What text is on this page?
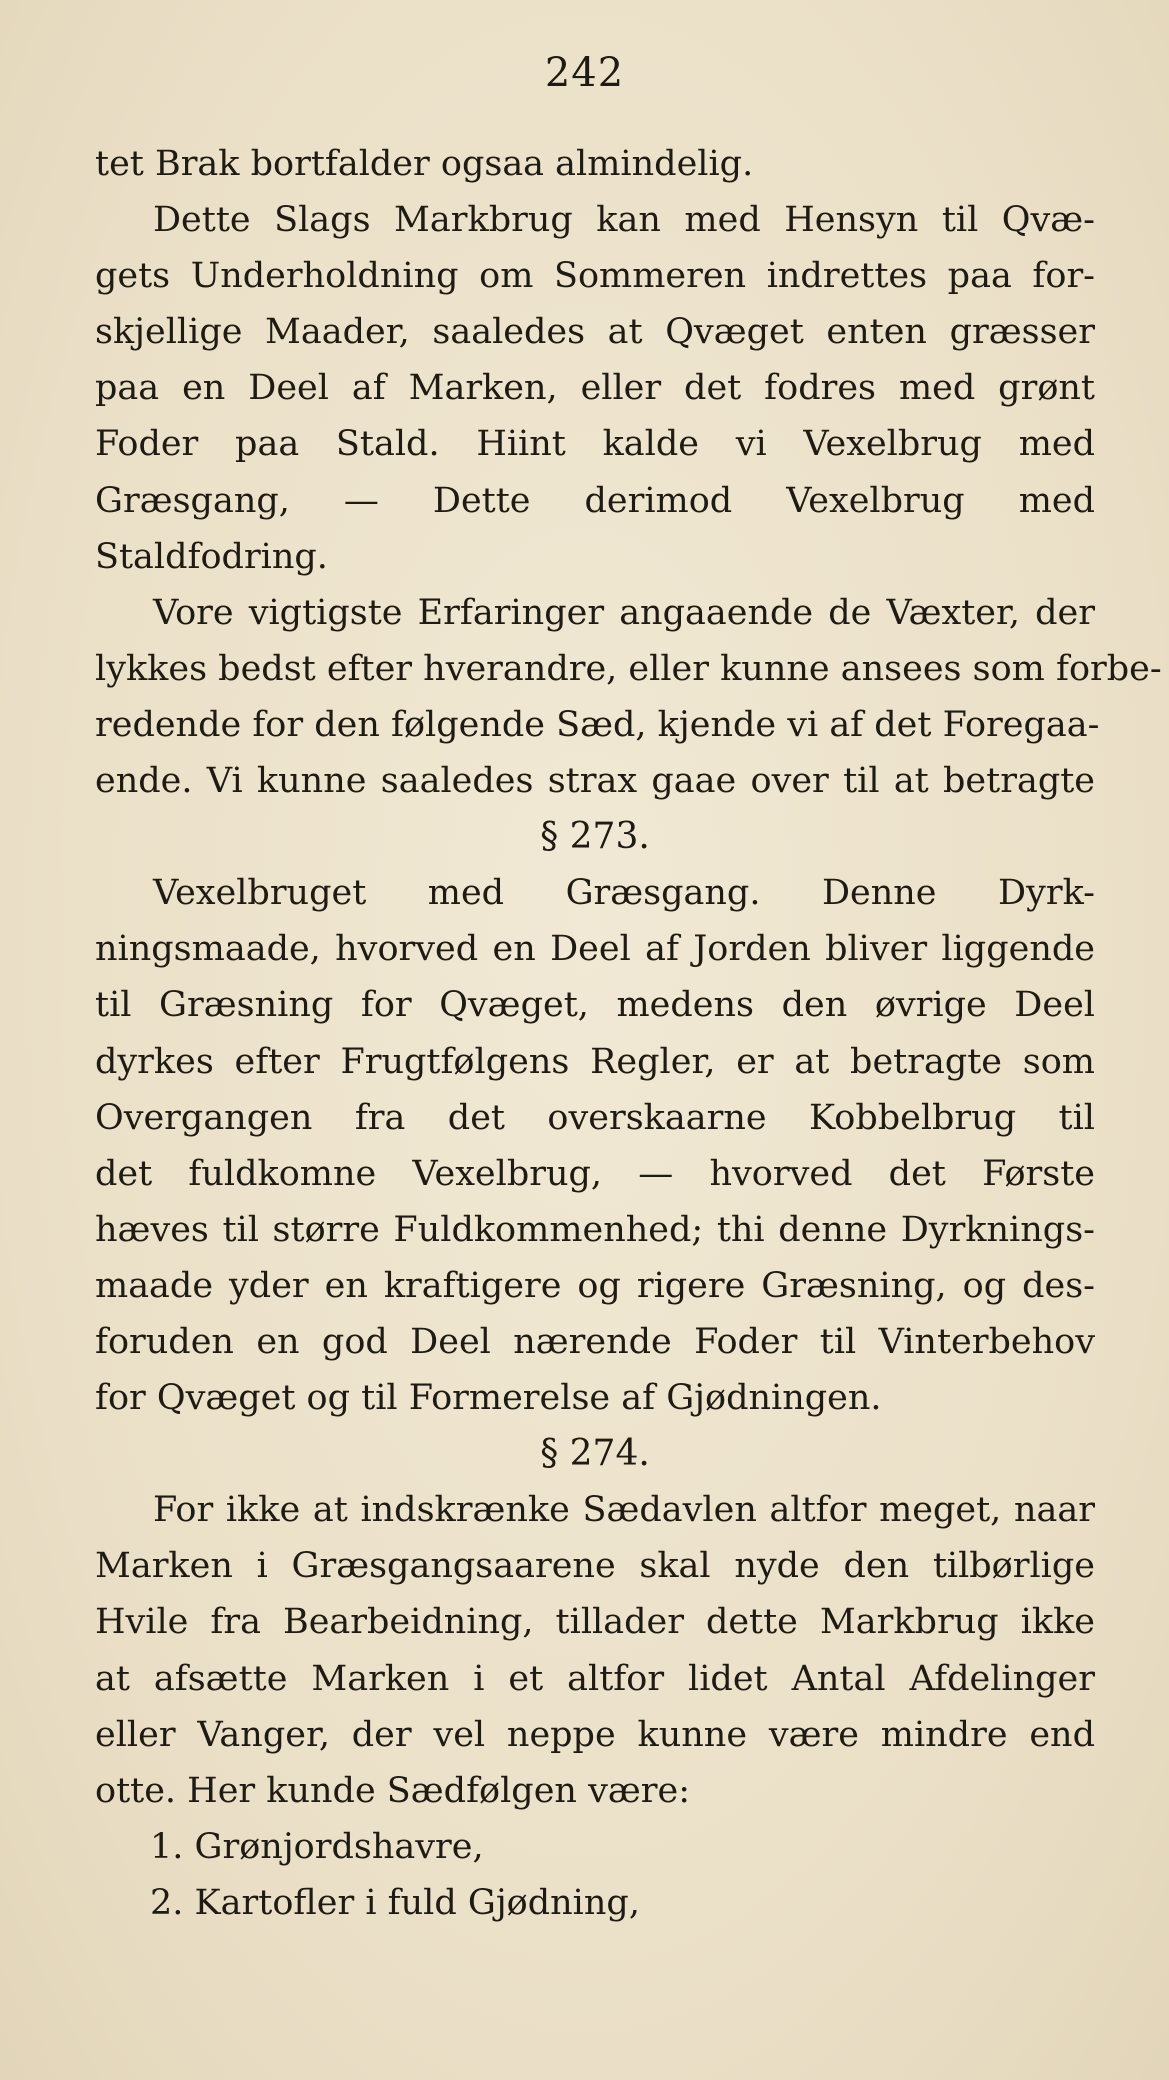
242
tet Brak bortfalder ogsaa almindelig.
Dette Slags Markbrug kan med Hensyn til Qvæ-
gets Underholdning om Sommeren indrettes paa for-
skjellige Maader, saaledes at Qvæget enten græsser
paa en Deel af Marken, eller det fodres med grønt
Foder paa Stald. Hiint kalde vi Vexelbrug med
Græsgang, — Dette derimod Vexelbrug med
Staldfodring.
Vore vigtigste Erfaringer angaaende de Væxter, der
lykkes bedst efter hverandre, eller kunne ansees som forbe-
redende for den følgende Sæd, kjende vi af det Foregaa-
ende. Vi kunne saaledes strax gaae over til at betragte
§ 273.
Vexelbruget med Græsgang. Denne Dyrk-
ningsmaade, hvorved en Deel af Jorden bliver liggende
til Græsning for Qvæget, medens den øvrige Deel
dyrkes efter Frugtfølgens Regler, er at betragte som
Overgangen fra det overskaarne Kobbelbrug til
det fuldkomne Vexelbrug, — hvorved det Første
hæves til større Fuldkommenhed; thi denne Dyrknings-
maade yder en kraftigere og rigere Græsning, og des-
foruden en god Deel nærende Foder til Vinterbehov
for Qvæget og til Formerelse af Gjødningen.
§ 274.
For ikke at indskrænke Sædavlen altfor meget, naar
Marken i Græsgangsaarene skal nyde den tilbørlige
Hvile fra Bearbeidning, tillader dette Markbrug ikke
at afsætte Marken i et altfor lidet Antal Afdelinger
eller Vanger, der vel neppe kunne være mindre end
otte. Her kunde Sædfølgen være:
1. Grønjordshavre,
2. Kartofler i fuld Gjødning,
